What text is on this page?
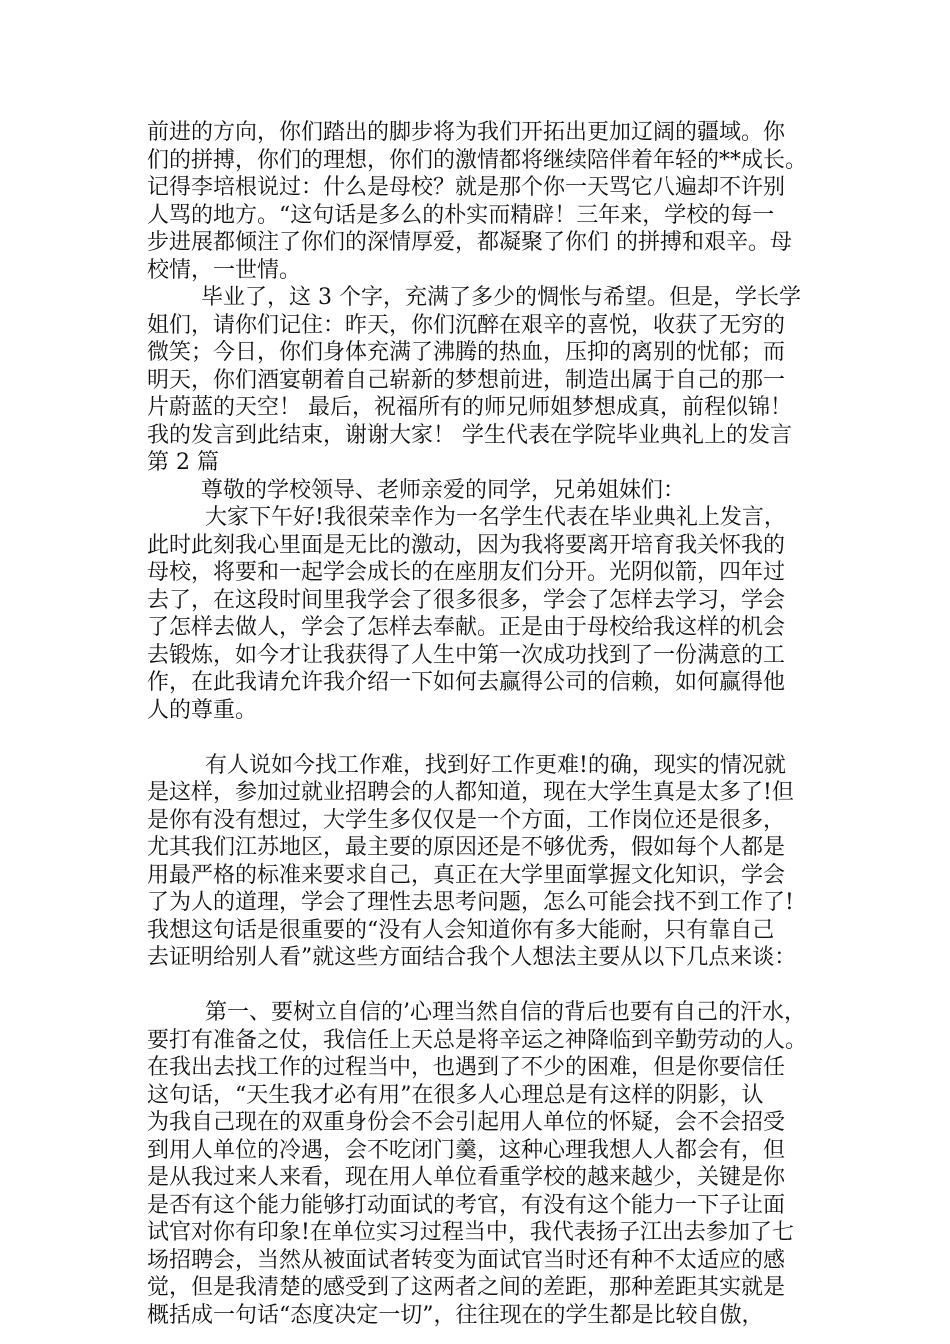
前进的方向，你们踏出的脚步将为我们开拓出更加辽阔的疆域。你
们的拼搏，你们的理想，你们的激情都将继续陪伴着年轻的**成长。
记得李培根说过：什么是母校？就是那个你一天骂它八遍却不许别
人骂的地方。“这句话是多么的朴实而精辟！三年来，学校的每一
步进展都倾注了你们的深情厚爱，都凝聚了你们 的拼搏和艰辛。母
校情，一世情。
毕业了，这 3 个字，充满了多少的惆怅与希望。但是，学长学
姐们，请你们记住：昨天，你们沉醉在艰辛的喜悦，收获了无穷的
微笑；今日，你们身体充满了沸腾的热血，压抑的离别的忧郁；而
明天，你们酒宴朝着自己崭新的梦想前进，制造出属于自己的那一
片蔚蓝的天空！ 最后，祝福所有的师兄师姐梦想成真，前程似锦！
我的发言到此结束，谢谢大家！ 学生代表在学院毕业典礼上的发言
第 2 篇
尊敬的学校领导、老师亲爱的同学，兄弟姐妹们：
大家下午好!我很荣幸作为一名学生代表在毕业典礼上发言，
此时此刻我心里面是无比的激动，因为我将要离开培育我关怀我的
母校，将要和一起学会成长的在座朋友们分开。光阴似箭，四年过
去了，在这段时间里我学会了很多很多，学会了怎样去学习，学会
了怎样去做人，学会了怎样去奉献。正是由于母校给我这样的机会
去锻炼，如今才让我获得了人生中第一次成功找到了一份满意的工
作，在此我请允许我介绍一下如何去赢得公司的信赖，如何赢得他
人的尊重。
有人说如今找工作难，找到好工作更难!的确，现实的情况就
是这样，参加过就业招聘会的人都知道，现在大学生真是太多了!但
是你有没有想过，大学生多仅仅是一个方面，工作岗位还是很多，
尤其我们江苏地区，最主要的原因还是不够优秀，假如每个人都是
用最严格的标准来要求自己，真正在大学里面掌握文化知识，学会
了为人的道理，学会了理性去思考问题，怎么可能会找不到工作了!
我想这句话是很重要的“没有人会知道你有多大能耐，只有靠自己
去证明给别人看”就这些方面结合我个人想法主要从以下几点来谈：
第一、要树立自信的’心理当然自信的背后也要有自己的汗水，
要打有准备之仗，我信任上天总是将辛运之神降临到辛勤劳动的人。
在我出去找工作的过程当中，也遇到了不少的困难，但是你要信任
这句话，“天生我才必有用”在很多人心理总是有这样的阴影，认
为我自己现在的双重身份会不会引起用人单位的怀疑，会不会招受
到用人单位的冷遇，会不吃闭门羹，这种心理我想人人都会有，但
是从我过来人来看，现在用人单位看重学校的越来越少，关键是你
是否有这个能力能够打动面试的考官，有没有这个能力一下子让面
试官对你有印象!在单位实习过程当中，我代表扬子江出去参加了七
场招聘会，当然从被面试者转变为面试官当时还有种不太适应的感
觉，但是我清楚的感受到了这两者之间的差距，那种差距其实就是
概括成一句话“态度决定一切”，往往现在的学生都是比较自傲，
